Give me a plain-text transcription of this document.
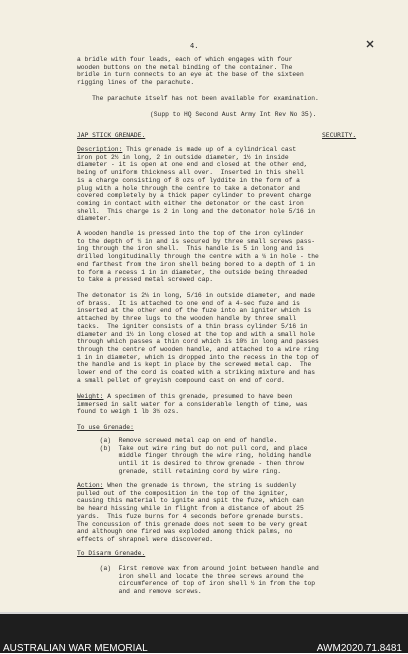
4.
a bridle with four leads, each of which engages with four
wooden buttons on the metal binding of the container. The
bridle in turn connects to an eye at the base of the sixteen
rigging lines of the parachute.
The parachute itself has not been available for examination.
(Supp to HQ Second Aust Army Int Rev No 35).
JAP STICK GRENADE.	SECURITY.
Description: This grenade is made up of a cylindrical cast
iron pot 2½ in long, 2 in outside diameter, 1½ in inside
diameter - it is open at one end and closed at the other end,
being of uniform thickness all over.  Inserted in this shell
is a charge consisting of 8 ozs of lyddite in the form of a
plug with a hole through the centre to take a detonator and
covered completely by a thick paper cylinder to prevent charge
coming in contact with either the detonator or the cast iron
shell.  This charge is 2 in long and the detonator hole 5/16 in
diameter.
A wooden handle is pressed into the top of the iron cylinder
to the depth of ½ in and is secured by three small screws pass-
ing through the iron shell.  This handle is 5 in long and is
drilled longitudinally through the centre with a ¼ in hole - the
end farthest from the iron shell being bored to a depth of 1 in
to form a recess 1 in in diameter, the outside being threaded
to take a pressed metal screwed cap.
The detonator is 2¼ in long, 5/16 in outside diameter, and made
of brass.  It is attached to one end of a 4-sec fuze and is
inserted at the other end of the fuze into an igniter which is
attached by three lugs to the wooden handle by three small
tacks.  The igniter consists of a thin brass cylinder 5/16 in
diameter and 1½ in long closed at the top and with a small hole
through which passes a thin cord which is 10½ in long and passes
through the centre of wooden handle, and attached to a wire ring
1 in in diameter, which is dropped into the recess in the top of
the handle and is kept in place by the screwed metal cap.  The
lower end of the cord is coated with a striking mixture and has
a small pellet of greyish compound cast on end of cord.
Weight: A specimen of this grenade, presumed to have been
immersed in salt water for a considerable length of time, was
found to weigh 1 lb 3½ ozs.
To use Grenade:
(a)  Remove screwed metal cap on end of handle.
(b)  Take out wire ring but do not pull cord, and place
middle finger through the wire ring, holding handle
until it is desired to throw grenade - then throw
grenade, still retaining cord by wire ring.
Action: When the grenade is thrown, the string is suddenly
pulled out of the composition in the top of the igniter,
causing this material to ignite and spit the fuze, which can
be heard hissing while in flight from a distance of about 25
yards.  This fuze burns for 4 seconds before grenade bursts.
The concussion of this grenade does not seem to be very great
and although one fired was exploded among thick palms, no
effects of shrapnel were discovered.
To Disarm Grenade.
(a)  First remove wax from around joint between handle and
iron shell and locate the three screws around the
circumference of top of iron shell ½ in from the top
and and remove screws.
AUSTRALIAN WAR MEMORIAL	AWM2020.71.8481
